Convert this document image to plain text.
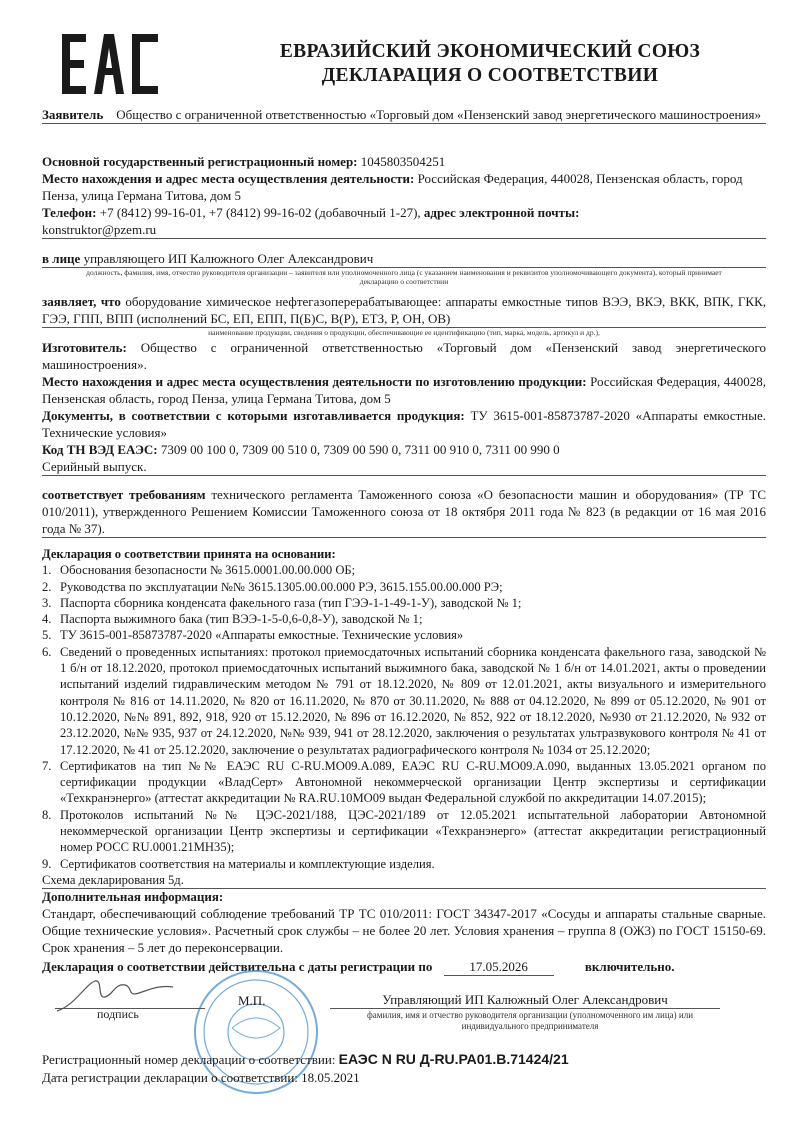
ЕВРАЗИЙСКИЙ ЭКОНОМИЧЕСКИЙ СОЮЗ
ДЕКЛАРАЦИЯ О СООТВЕТСТВИИ
Заявитель Общество с ограниченной ответственностью «Торговый дом «Пензенский завод энергетического машиностроения»
Основной государственный регистрационный номер: 1045803504251
Место нахождения и адрес места осуществления деятельности: Российская Федерация, 440028, Пензенская область, город Пенза, улица Германа Титова, дом 5
Телефон: +7 (8412) 99-16-01, +7 (8412) 99-16-02 (добавочный 1-27), адрес электронной почты:
konstruktor@pzem.ru
в лице управляющего ИП Калюжного Олег Александрович
должность, фамилия, имя, отчество руководителя организации – заявителя или уполномоченного лица (с указанием наименования и реквизитов уполномочивающего документа), который принимает декларацию о соответствии
заявляет, что оборудование химическое нефтегазоперерабатывающее: аппараты емкостные типов ВЭЭ, ВКЭ, ВКК, ВПК, ГКК, ГЭЭ, ГПП, ВПП (исполнений БС, ЕП, ЕПП, П(Б)С, В(Р), ЕТЗ, Р, ОН, ОВ)
наименование продукции, сведения о продукции, обеспечивающие ее идентификацию (тип, марка, модель, артикул и др.),
Изготовитель: Общество с ограниченной ответственностью «Торговый дом «Пензенский завод энергетического машиностроения».
Место нахождения и адрес места осуществления деятельности по изготовлению продукции: Российская Федерация, 440028, Пензенская область, город Пенза, улица Германа Титова, дом 5
Документы, в соответствии с которыми изготавливается продукция: ТУ 3615-001-85873787-2020 «Аппараты емкостные. Технические условия»
Код ТН ВЭД ЕАЭС: 7309 00 100 0, 7309 00 510 0, 7309 00 590 0, 7311 00 910 0, 7311 00 990 0
Серийный выпуск.
соответствует требованиям технического регламента Таможенного союза «О безопасности машин и оборудования» (ТР ТС 010/2011), утвержденного Решением Комиссии Таможенного союза от 18 октября 2011 года № 823 (в редакции от 16 мая 2016 года № 37).
Декларация о соответствии принята на основании:
1. Обоснования безопасности № 3615.0001.00.00.000 ОБ;
2. Руководства по эксплуатации №№ 3615.1305.00.00.000 РЭ, 3615.155.00.00.000 РЭ;
3. Паспорта сборника конденсата факельного газа (тип ГЭЭ-1-1-49-1-У), заводской № 1;
4. Паспорта выжимного бака (тип ВЭЭ-1-5-0,6-0,8-У), заводской № 1;
5. ТУ 3615-001-85873787-2020 «Аппараты емкостные. Технические условия»
6. Сведений о проведенных испытаниях: протокол приемосдаточных испытаний сборника конденсата факельного газа, заводской № 1 б/н от 18.12.2020, протокол приемосдаточных испытаний выжимного бака, заводской № 1 б/н от 14.01.2021, акты о проведении испытаний изделий гидравлическим методом № 791 от 18.12.2020, № 809 от 12.01.2021, акты визуального и измерительного контроля № 816 от 14.11.2020, № 820 от 16.11.2020, № 870 от 30.11.2020, № 888 от 04.12.2020, № 899 от 05.12.2020, № 901 от 10.12.2020, №№ 891, 892, 918, 920 от 15.12.2020, № 896 от 16.12.2020, № 852, 922 от 18.12.2020, №930 от 21.12.2020, № 932 от 23.12.2020, №№ 935, 937 от 24.12.2020, №№ 939, 941 от 28.12.2020, заключения о результатах ультразвукового контроля № 41 от 17.12.2020, № 41 от 25.12.2020, заключение о результатах радиографического контроля № 1034 от 25.12.2020;
7. Сертификатов на тип №№ ЕАЭС RU С-RU.МО09.А.089, ЕАЭС RU С-RU.МО09.А.090, выданных 13.05.2021 органом по сертификации продукции «ВладСерт» Автономной некоммерческой организации Центр экспертизы и сертификации «Техкранэнерго» (аттестат аккредитации № RA.RU.10МО09 выдан Федеральной службой по аккредитации 14.07.2015);
8. Протоколов испытаний №№ ЦЭС-2021/188, ЦЭС-2021/189 от 12.05.2021 испытательной лаборатории Автономной некоммерческой организации Центр экспертизы и сертификации «Техкранэнерго» (аттестат аккредитации регистрационный номер РОСС RU.0001.21МН35);
9. Сертификатов соответствия на материалы и комплектующие изделия.
Схема декларирования 5д.
Дополнительная информация:
Стандарт, обеспечивающий соблюдение требований ТР ТС 010/2011: ГОСТ 34347-2017 «Сосуды и аппараты стальные сварные. Общие технические условия». Расчетный срок службы – не более 20 лет. Условия хранения – группа 8 (ОЖ3) по ГОСТ 15150-69. Срок хранения – 5 лет до переконсервации.
Декларация о соответствии действительна с даты регистрации по	17.05.2026	включительно.
М.П.
подпись
Управляющий ИП Калюжный Олег Александрович
фамилия, имя и отчество руководителя организации (уполномоченного им лица) или индивидуального предпринимателя
Регистрационный номер декларации о соответствии: ЕАЭС N RU Д-RU.РА01.В.71424/21
Дата регистрации декларации о соответствии: 18.05.2021
